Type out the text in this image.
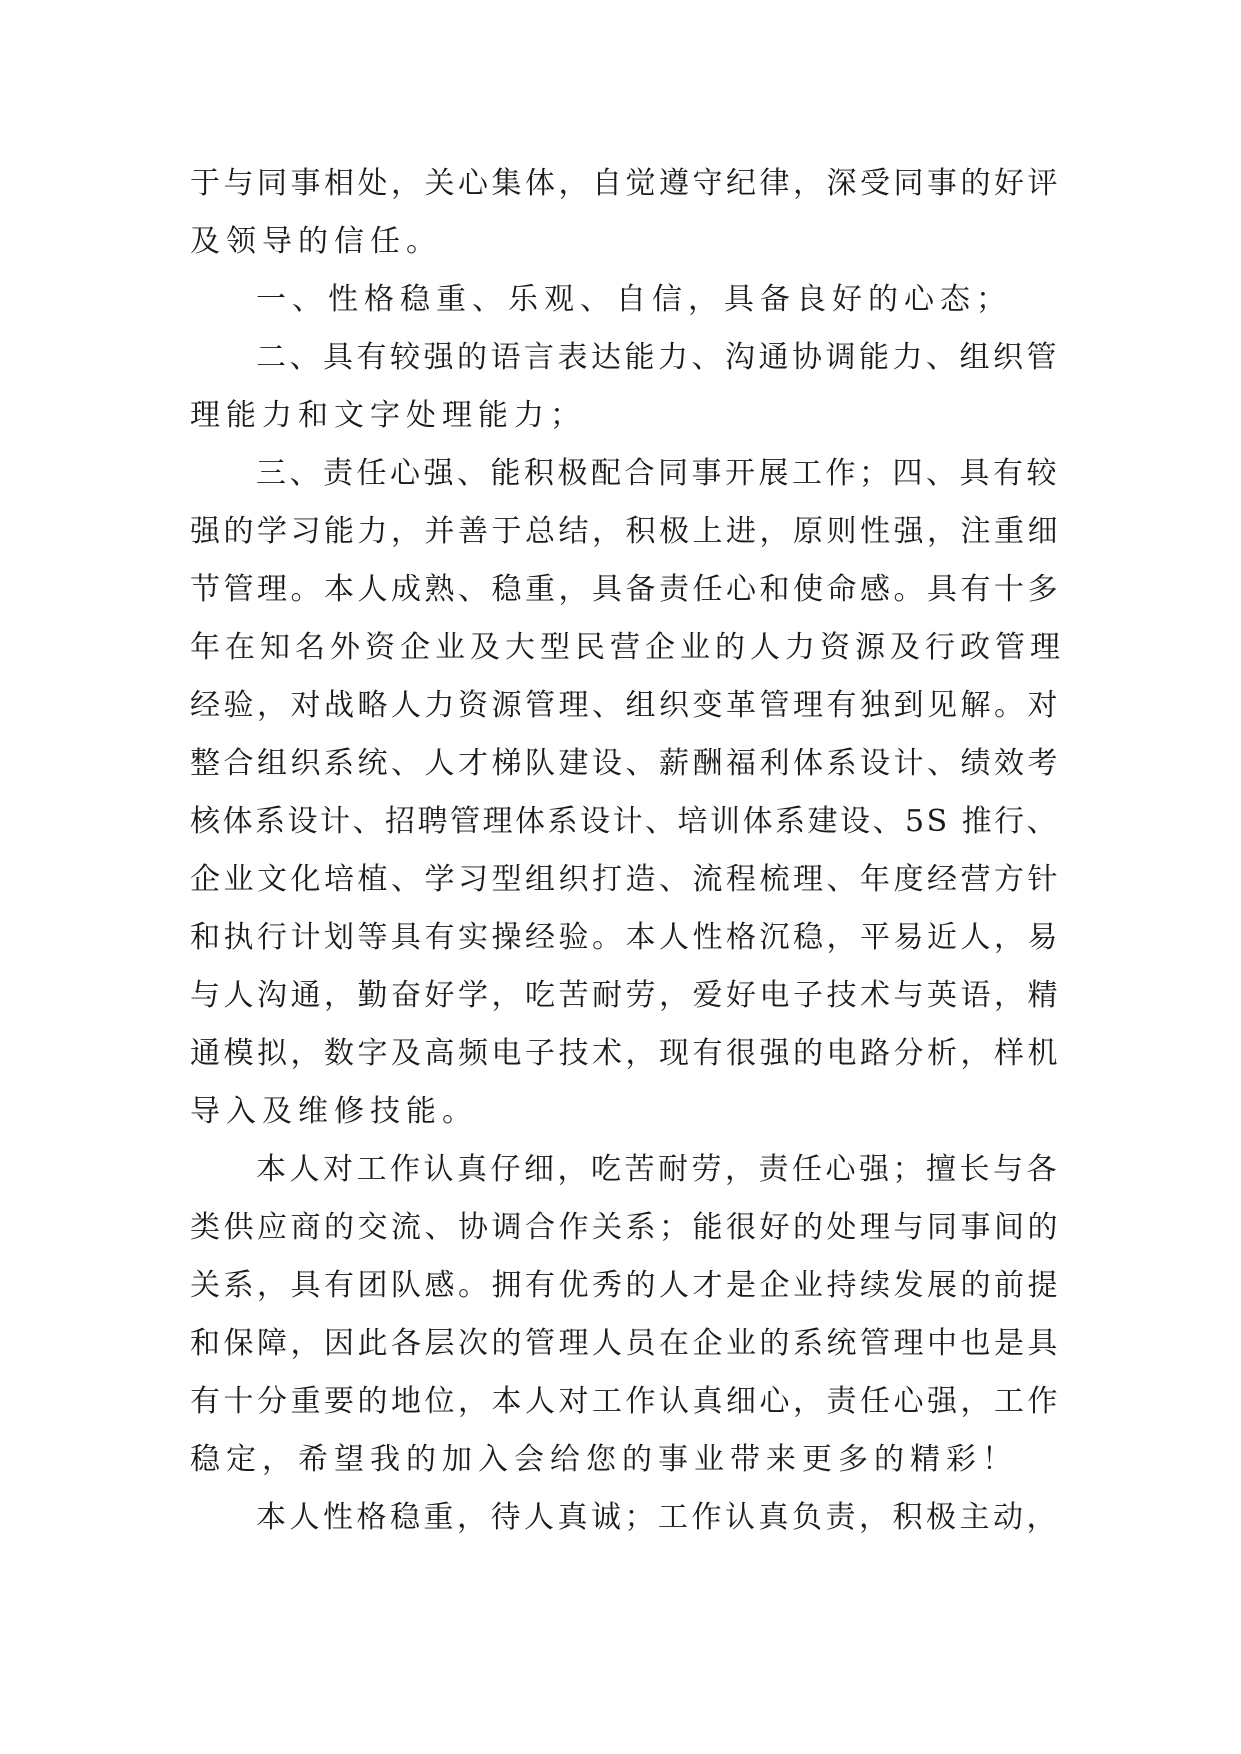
于与同事相处，关心集体，自觉遵守纪律，深受同事的好评
及领导的信任。
一、性格稳重、乐观、自信，具备良好的心态；
二、具有较强的语言表达能力、沟通协调能力、组织管
理能力和文字处理能力；
三、责任心强、能积极配合同事开展工作；四、具有较
强的学习能力，并善于总结，积极上进，原则性强，注重细
节管理。本人成熟、稳重，具备责任心和使命感。具有十多
年在知名外资企业及大型民营企业的人力资源及行政管理
经验，对战略人力资源管理、组织变革管理有独到见解。对
整合组织系统、人才梯队建设、薪酬福利体系设计、绩效考
核体系设计、招聘管理体系设计、培训体系建设、5S 推行、
企业文化培植、学习型组织打造、流程梳理、年度经营方针
和执行计划等具有实操经验。本人性格沉稳，平易近人，易
与人沟通，勤奋好学，吃苦耐劳，爱好电子技术与英语，精
通模拟，数字及高频电子技术，现有很强的电路分析，样机
导入及维修技能。
本人对工作认真仔细，吃苦耐劳，责任心强；擅长与各
类供应商的交流、协调合作关系；能很好的处理与同事间的
关系，具有团队感。拥有优秀的人才是企业持续发展的前提
和保障，因此各层次的管理人员在企业的系统管理中也是具
有十分重要的地位，本人对工作认真细心，责任心强，工作
稳定，希望我的加入会给您的事业带来更多的精彩！
本人性格稳重，待人真诚；工作认真负责，积极主动，
